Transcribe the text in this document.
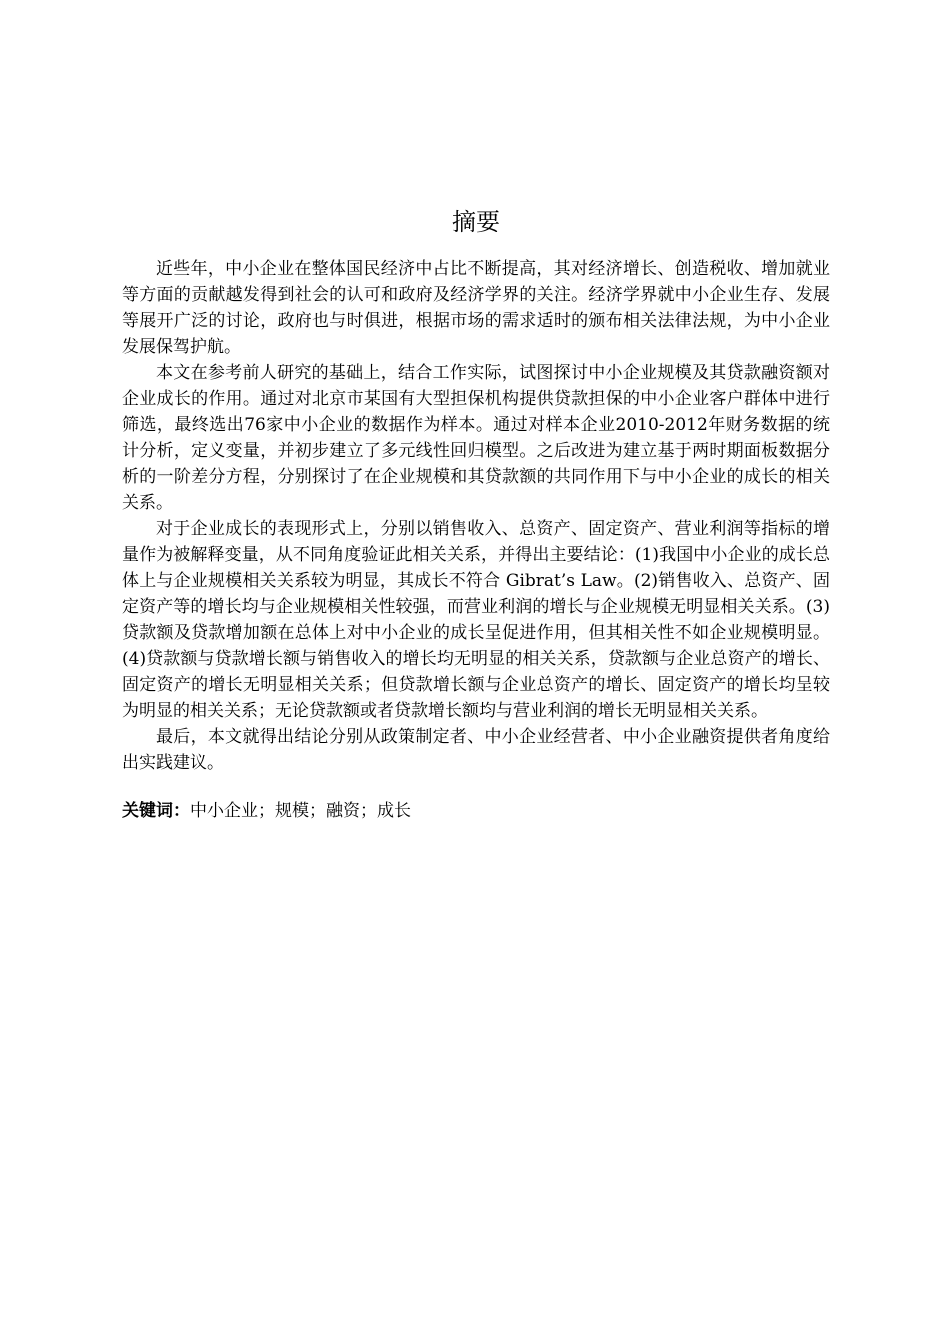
摘要

近些年，中小企业在整体国民经济中占比不断提高，其对经济增长、创造税收、增加就业等方面的贡献越发得到社会的认可和政府及经济学界的关注。经济学界就中小企业生存、发展等展开广泛的讨论，政府也与时俱进，根据市场的需求适时的颁布相关法律法规，为中小企业发展保驾护航。

本文在参考前人研究的基础上，结合工作实际，试图探讨中小企业规模及其贷款融资额对企业成长的作用。通过对北京市某国有大型担保机构提供贷款担保的中小企业客户群体中进行筛选，最终选出76家中小企业的数据作为样本。通过对样本企业2010-2012年财务数据的统计分析，定义变量，并初步建立了多元线性回归模型。之后改进为建立基于两时期面板数据分析的一阶差分方程，分别探讨了在企业规模和其贷款额的共同作用下与中小企业的成长的相关关系。

对于企业成长的表现形式上，分别以销售收入、总资产、固定资产、营业利润等指标的增量作为被解释变量，从不同角度验证此相关关系，并得出主要结论：(1)我国中小企业的成长总体上与企业规模相关关系较为明显，其成长不符合 Gibrat’s Law。(2)销售收入、总资产、固定资产等的增长均与企业规模相关性较强，而营业利润的增长与企业规模无明显相关关系。(3)贷款额及贷款增加额在总体上对中小企业的成长呈促进作用，但其相关性不如企业规模明显。(4)贷款额与贷款增长额与销售收入的增长均无明显的相关关系，贷款额与企业总资产的增长、固定资产的增长无明显相关关系；但贷款增长额与企业总资产的增长、固定资产的增长均呈较为明显的相关关系；无论贷款额或者贷款增长额均与营业利润的增长无明显相关关系。

最后，本文就得出结论分别从政策制定者、中小企业经营者、中小企业融资提供者角度给出实践建议。

关键词：中小企业；规模；融资；成长
